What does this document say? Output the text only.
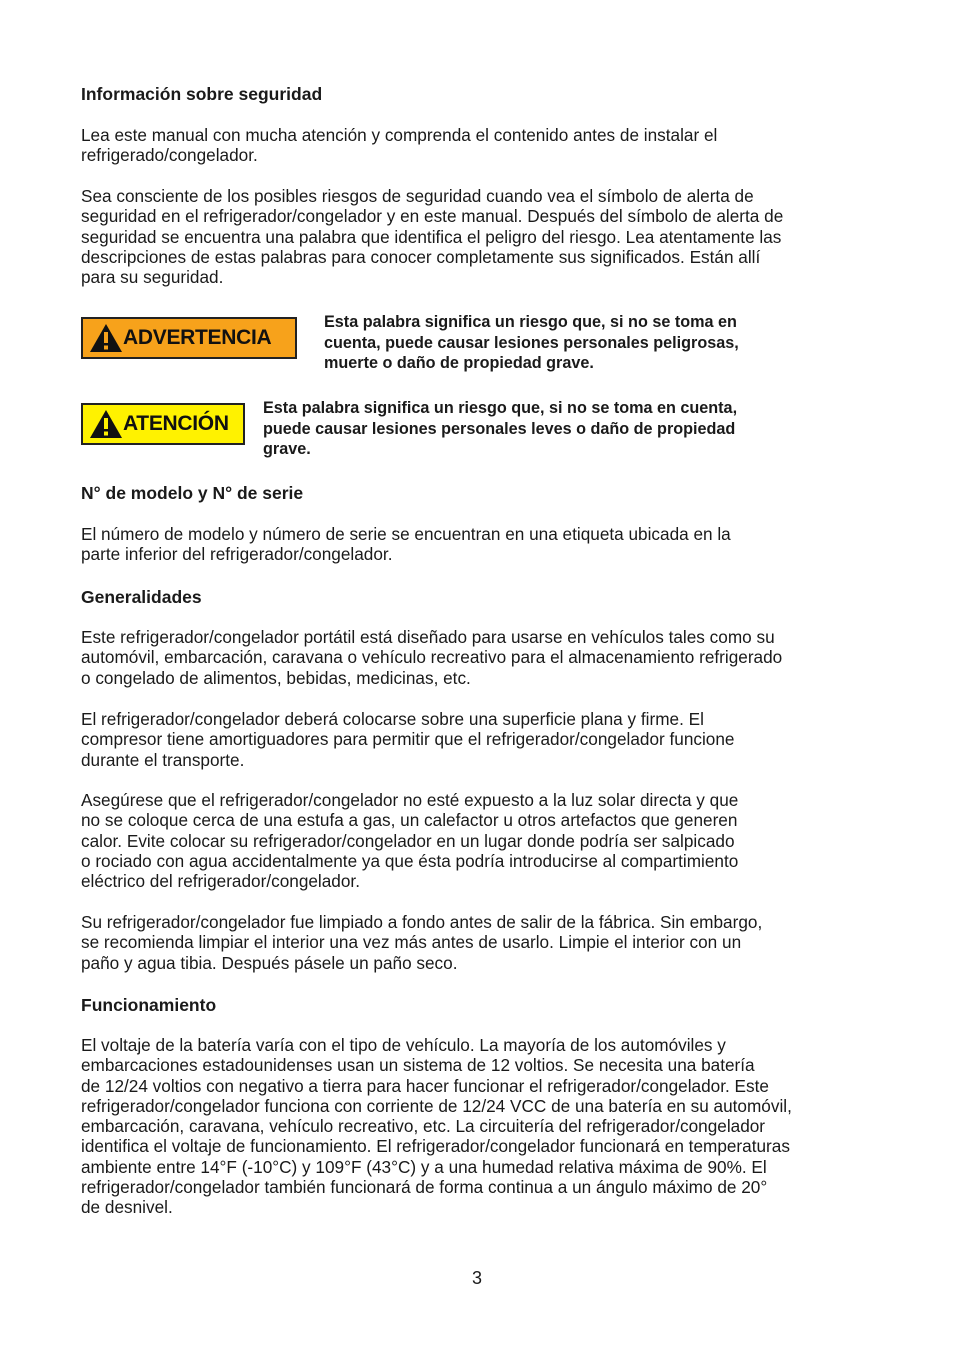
Información sobre seguridad

Lea este manual con mucha atención y comprenda el contenido antes de instalar el
refrigerado/congelador.

Sea consciente de los posibles riesgos de seguridad cuando vea el símbolo de alerta de
seguridad en el refrigerador/congelador y en este manual. Después del símbolo de alerta de
seguridad se encuentra una palabra que identifica el peligro del riesgo. Lea atentamente las
descripciones de estas palabras para conocer completamente sus significados. Están allí
para su seguridad.

ADVERTENCIA

Esta palabra significa un riesgo que, si no se toma en
cuenta, puede causar lesiones personales peligrosas,
muerte o daño de propiedad grave.

ATENCIÓN

Esta palabra significa un riesgo que, si no se toma en cuenta,
puede causar lesiones personales leves o daño de propiedad
grave.

N° de modelo y N° de serie

El número de modelo y número de serie se encuentran en una etiqueta ubicada en la
parte inferior del refrigerador/congelador.

Generalidades

Este refrigerador/congelador portátil está diseñado para usarse en vehículos tales como su
automóvil, embarcación, caravana o vehículo recreativo para el almacenamiento refrigerado
o congelado de alimentos, bebidas, medicinas, etc.

El refrigerador/congelador deberá colocarse sobre una superficie plana y firme. El
compresor tiene amortiguadores para permitir que el refrigerador/congelador funcione
durante el transporte.

Asegúrese que el refrigerador/congelador no esté expuesto a la luz solar directa y que
no se coloque cerca de una estufa a gas, un calefactor u otros artefactos que generen
calor. Evite colocar su refrigerador/congelador en un lugar donde podría ser salpicado
o rociado con agua accidentalmente ya que ésta podría introducirse al compartimiento
eléctrico del refrigerador/congelador.

Su refrigerador/congelador fue limpiado a fondo antes de salir de la fábrica. Sin embargo,
se recomienda limpiar el interior una vez más antes de usarlo. Limpie el interior con un
paño y agua tibia. Después pásele un paño seco.

Funcionamiento

El voltaje de la batería varía con el tipo de vehículo. La mayoría de los automóviles y
embarcaciones estadounidenses usan un sistema de 12 voltios. Se necesita una batería
de 12/24 voltios con negativo a tierra para hacer funcionar el refrigerador/congelador. Este
refrigerador/congelador funciona con corriente de 12/24 VCC de una batería en su automóvil,
embarcación, caravana, vehículo recreativo, etc. La circuitería del refrigerador/congelador
identifica el voltaje de funcionamiento. El refrigerador/congelador funcionará en temperaturas
ambiente entre 14°F (-10°C) y 109°F (43°C) y a una humedad relativa máxima de 90%. El
refrigerador/congelador también funcionará de forma continua a un ángulo máximo de 20°
de desnivel.

3
